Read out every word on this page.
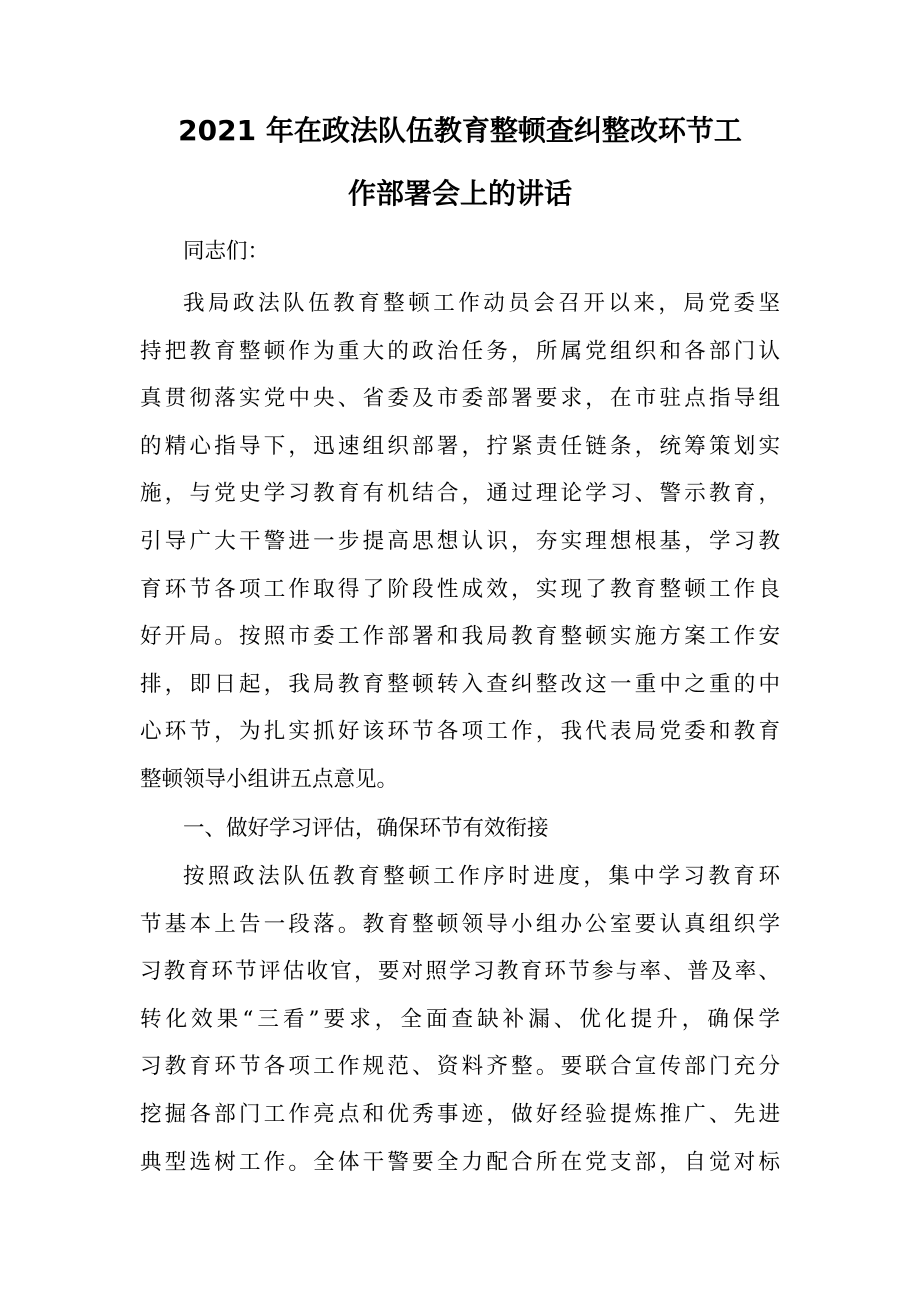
2021 年在政法队伍教育整顿查纠整改环节工
作部署会上的讲话
同志们：
我局政法队伍教育整顿工作动员会召开以来，局党委坚
持把教育整顿作为重大的政治任务，所属党组织和各部门认
真贯彻落实党中央、省委及市委部署要求，在市驻点指导组
的精心指导下，迅速组织部署，拧紧责任链条，统筹策划实
施，与党史学习教育有机结合，通过理论学习、警示教育，
引导广大干警进一步提高思想认识，夯实理想根基，学习教
育环节各项工作取得了阶段性成效，实现了教育整顿工作良
好开局。按照市委工作部署和我局教育整顿实施方案工作安
排，即日起，我局教育整顿转入查纠整改这一重中之重的中
心环节，为扎实抓好该环节各项工作，我代表局党委和教育
整顿领导小组讲五点意见。
一、做好学习评估，确保环节有效衔接
按照政法队伍教育整顿工作序时进度，集中学习教育环
节基本上告一段落。教育整顿领导小组办公室要认真组织学
习教育环节评估收官，要对照学习教育环节参与率、普及率、
转化效果“三看”要求，全面查缺补漏、优化提升，确保学
习教育环节各项工作规范、资料齐整。要联合宣传部门充分
挖掘各部门工作亮点和优秀事迹，做好经验提炼推广、先进
典型选树工作。全体干警要全力配合所在党支部，自觉对标
